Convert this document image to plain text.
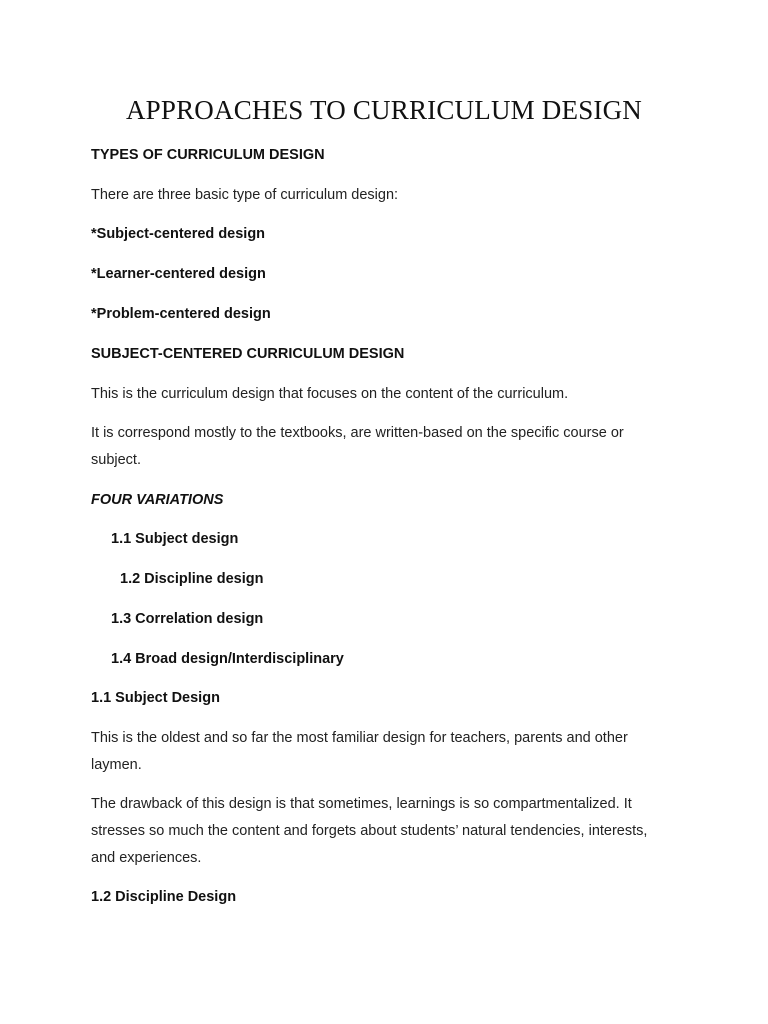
APPROACHES TO CURRICULUM DESIGN
TYPES OF CURRICULUM DESIGN
There are three basic type of curriculum design:
*Subject-centered design
*Learner-centered design
*Problem-centered design
SUBJECT-CENTERED CURRICULUM DESIGN
This is the curriculum design that focuses on the content of the curriculum.
It is correspond mostly to the textbooks, are written-based on the specific course or
subject.
FOUR VARIATIONS
1.1 Subject design
1.2 Discipline design
1.3 Correlation design
1.4 Broad design/Interdisciplinary
1.1 Subject Design
This is the oldest and so far the most familiar design for teachers, parents and other
laymen.
The drawback of this design is that sometimes, learnings is so compartmentalized. It
stresses so much the content and forgets about students’ natural tendencies, interests,
and experiences.
1.2 Discipline Design
